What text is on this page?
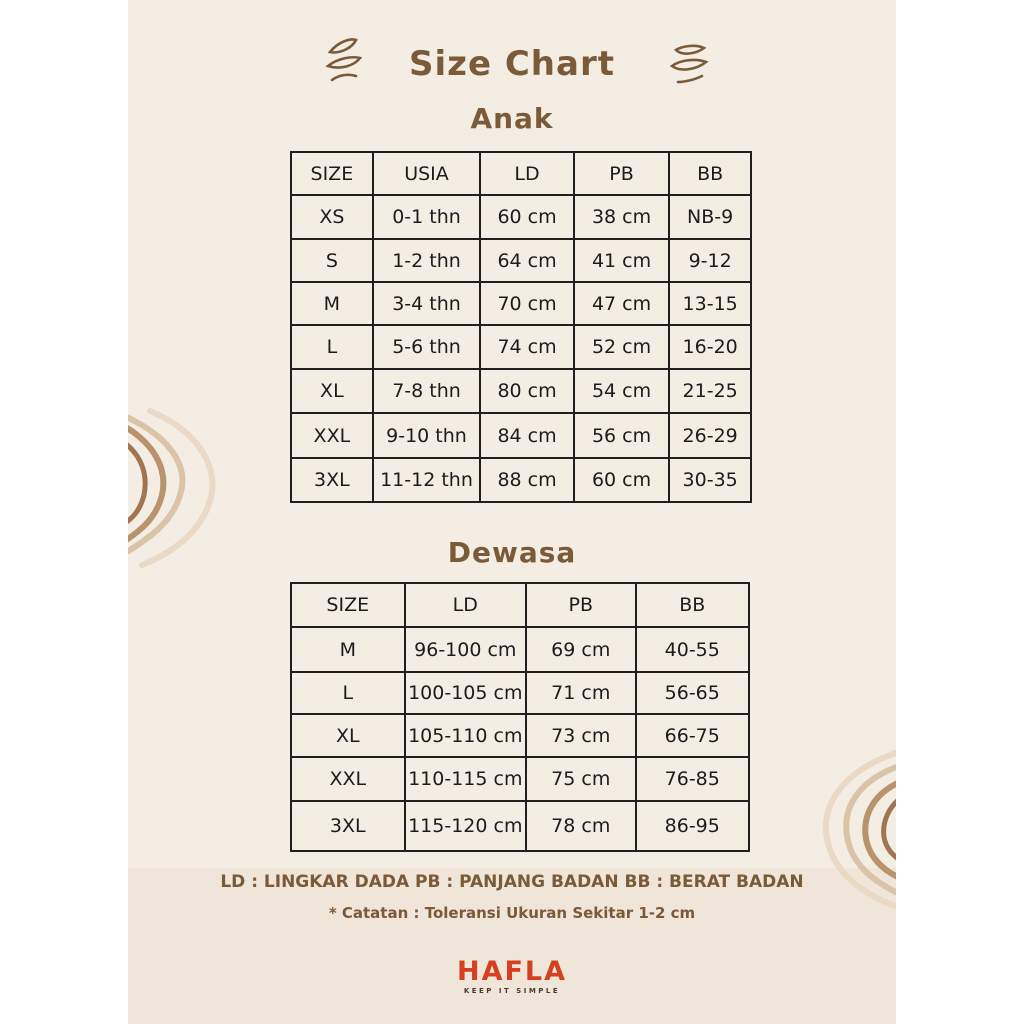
Size Chart
Anak
SIZE	USIA	LD	PB	BB
XS	0-1 thn	60 cm	38 cm	NB-9
S	1-2 thn	64 cm	41 cm	9-12
M	3-4 thn	70 cm	47 cm	13-15
L	5-6 thn	74 cm	52 cm	16-20
XL	7-8 thn	80 cm	54 cm	21-25
XXL	9-10 thn	84 cm	56 cm	26-29
3XL	11-12 thn	88 cm	60 cm	30-35
Dewasa
SIZE	LD	PB	BB
M	96-100 cm	69 cm	40-55
L	100-105 cm	71 cm	56-65
XL	105-110 cm	73 cm	66-75
XXL	110-115 cm	75 cm	76-85
3XL	115-120 cm	78 cm	86-95

LD : LINGKAR DADA PB : PANJANG BADAN BB : BERAT BADAN

* Catatan : Toleransi Ukuran Sekitar 1-2 cm

HAFLA
KEEP IT SIMPLE
